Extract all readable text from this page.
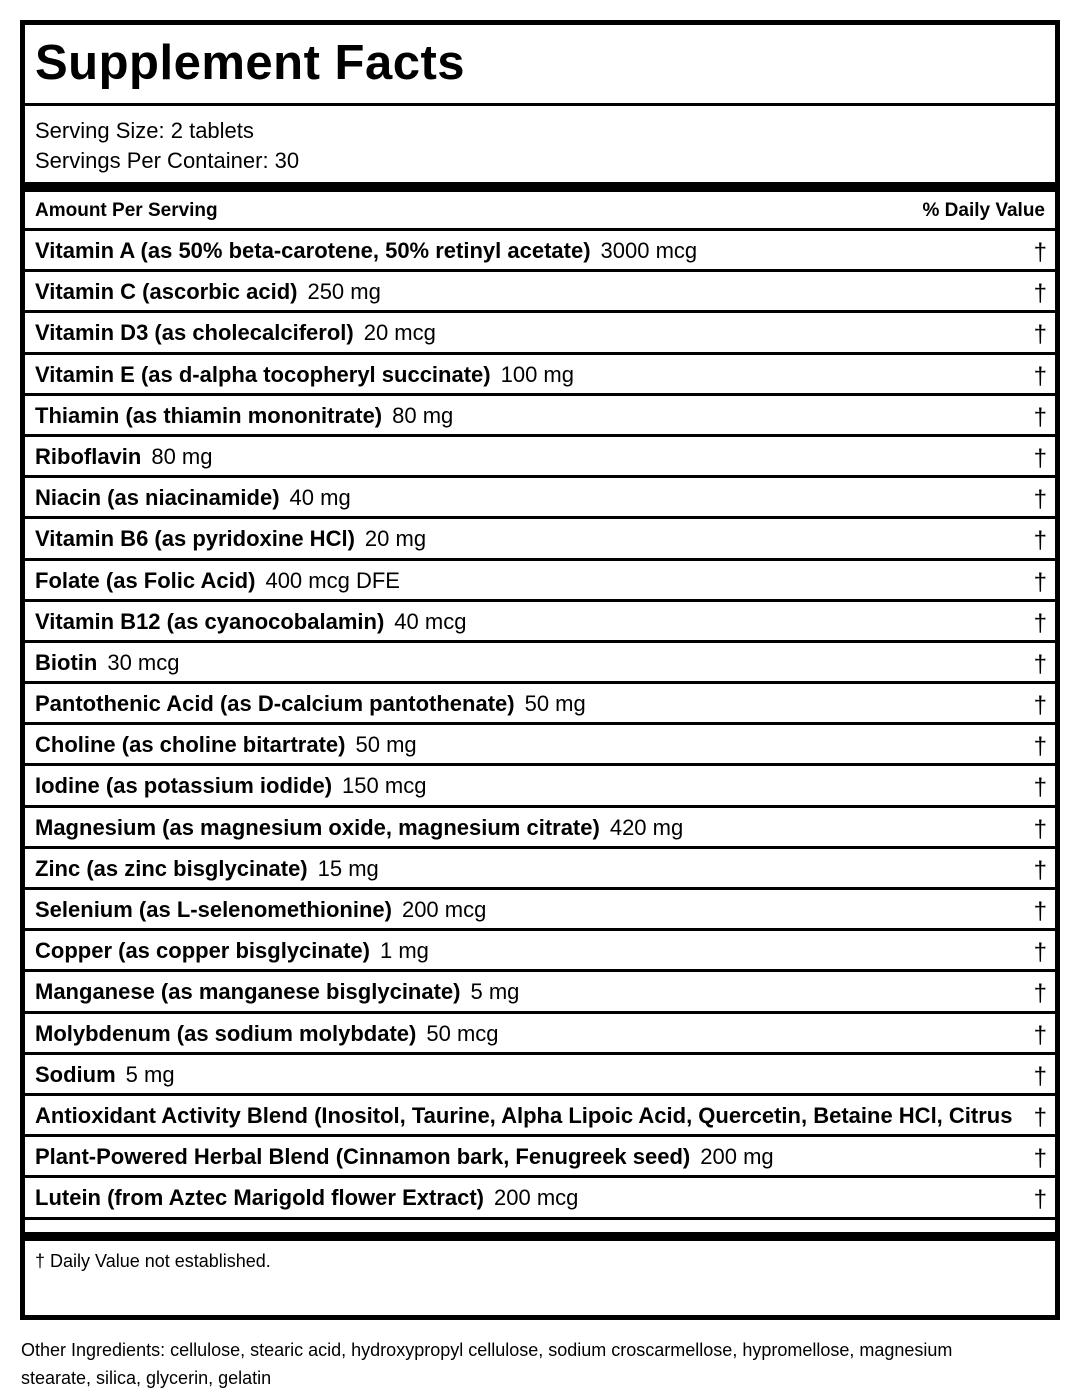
Supplement Facts
Serving Size: 2 tablets
Servings Per Container: 30
Amount Per Serving	% Daily Value
Vitamin A (as 50% beta-carotene, 50% retinyl acetate) 3000 mcg	†
Vitamin C (ascorbic acid) 250 mg	†
Vitamin D3 (as cholecalciferol) 20 mcg	†
Vitamin E (as d-alpha tocopheryl succinate) 100 mg	†
Thiamin (as thiamin mononitrate) 80 mg	†
Riboflavin 80 mg	†
Niacin (as niacinamide) 40 mg	†
Vitamin B6 (as pyridoxine HCl) 20 mg	†
Folate (as Folic Acid) 400 mcg DFE	†
Vitamin B12 (as cyanocobalamin) 40 mcg	†
Biotin 30 mcg	†
Pantothenic Acid (as D-calcium pantothenate) 50 mg	†
Choline (as choline bitartrate) 50 mg	†
Iodine (as potassium iodide) 150 mcg	†
Magnesium (as magnesium oxide, magnesium citrate) 420 mg	†
Zinc (as zinc bisglycinate) 15 mg	†
Selenium (as L-selenomethionine) 200 mcg	†
Copper (as copper bisglycinate) 1 mg	†
Manganese (as manganese bisglycinate) 5 mg	†
Molybdenum (as sodium molybdate) 50 mcg	†
Sodium 5 mg	†
Antioxidant Activity Blend (Inositol, Taurine, Alpha Lipoic Acid, Quercetin, Betaine HCl, Citrus †
Plant-Powered Herbal Blend (Cinnamon bark, Fenugreek seed) 200 mg	†
Lutein (from Aztec Marigold flower Extract) 200 mcg	†
† Daily Value not established.
Other Ingredients: cellulose, stearic acid, hydroxypropyl cellulose, sodium croscarmellose, hypromellose, magnesium stearate, silica, glycerin, gelatin
